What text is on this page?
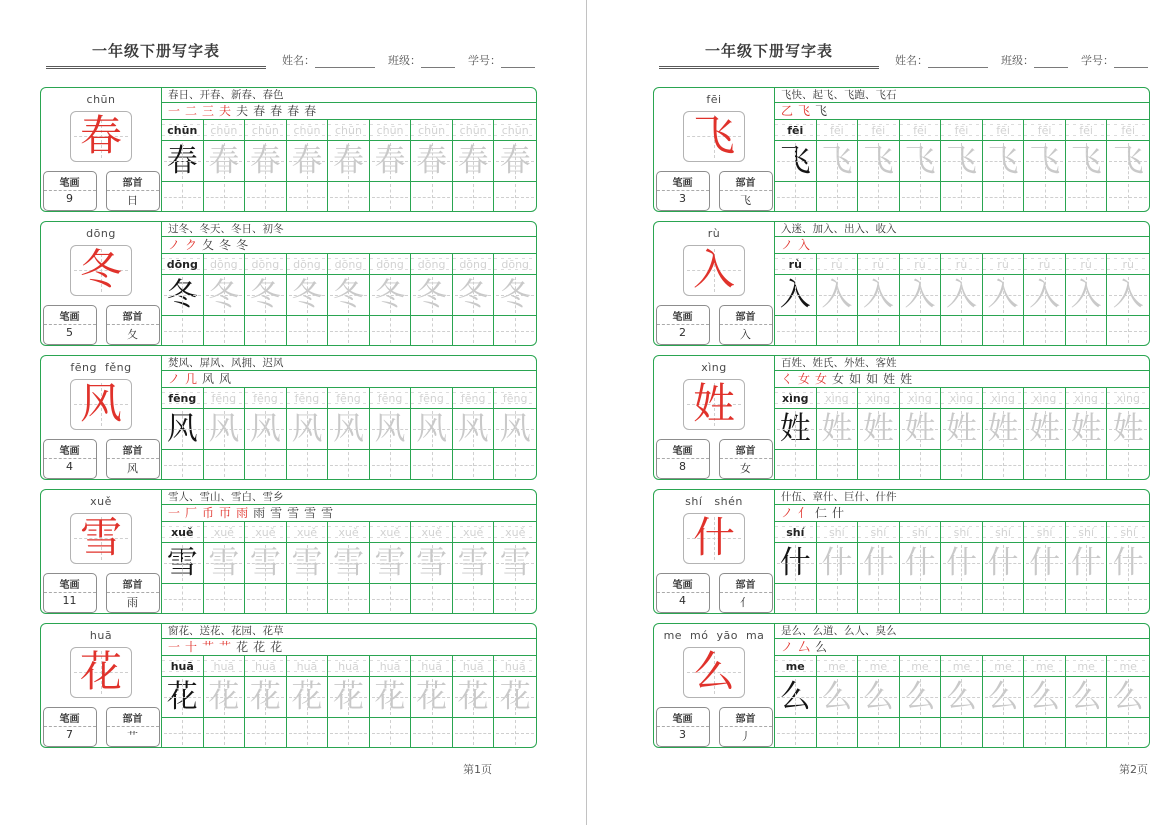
一年级下册写字表
姓名：	班级：	学号：
chūn
春
笔画
9
部首
日
春日、开春、新春、春色
一 二 三 夫 夫 春 春 春 春
chūn	chūn	chūn	chūn	chūn	chūn	chūn	chūn	chūn
春 春 春 春 春 春 春 春 春
dōng
冬
笔画
5
部首
夂
过冬、冬天、冬日、初冬
ノ ク 夂 冬 冬
dōng	dōng	dōng	dōng	dōng	dōng	dōng	dōng	dōng
冬 冬 冬 冬 冬 冬 冬 冬 冬
fēng  fěng
风
笔画
4
部首
风
焚风、屏风、风拥、迟风
ノ 几 风 风
fēng	fēng	fēng	fēng	fēng	fēng	fēng	fēng	fēng
风 风 风 风 风 风 风 风 风
xuě
雪
笔画
11
部首
雨
雪人、雪山、雪白、雪乡
一 厂 币 帀 雨 雨 雪 雪 雪 雪
xuě	xuě	xuě	xuě	xuě	xuě	xuě	xuě	xuě
雪 雪 雪 雪 雪 雪 雪 雪 雪
huā
花
笔画
7
部首
艹
窗花、送花、花园、花草
一 十 艹 艹 花 花 花
huā	huā	huā	huā	huā	huā	huā	huā	huā
花 花 花 花 花 花 花 花 花
第1页
一年级下册写字表
姓名：	班级：	学号：
fēi
飞
笔画
3
部首
飞
飞快、起飞、飞跑、飞石
乙 飞 飞
fēi	fēi	fēi	fēi	fēi	fēi	fēi	fēi	fēi
飞 飞 飞 飞 飞 飞 飞 飞 飞
rù
入
笔画
2
部首
入
入迷、加入、出入、收入
ノ 入
rù	rù	rù	rù	rù	rù	rù	rù	rù
入 入 入 入 入 入 入 入 入
xìng
姓
笔画
8
部首
女
百姓、姓氏、外姓、客姓
く 女 女 女 如 如 姓 姓
xìng	xìng	xìng	xìng	xìng	xìng	xìng	xìng	xìng
姓 姓 姓 姓 姓 姓 姓 姓 姓
shí   shén
什
笔画
4
部首
亻
什伍、章什、巨什、什件
ノ 亻 仁 什
shí	shí	shí	shí	shí	shí	shí	shí	shí
什 什 什 什 什 什 什 什 什
me  mó  yāo  ma
么
笔画
3
部首
丿
是么、么道、么人、臭么
ノ 厶 么
me	me	me	me	me	me	me	me	me
么 么 么 么 么 么 么 么 么
第2页
